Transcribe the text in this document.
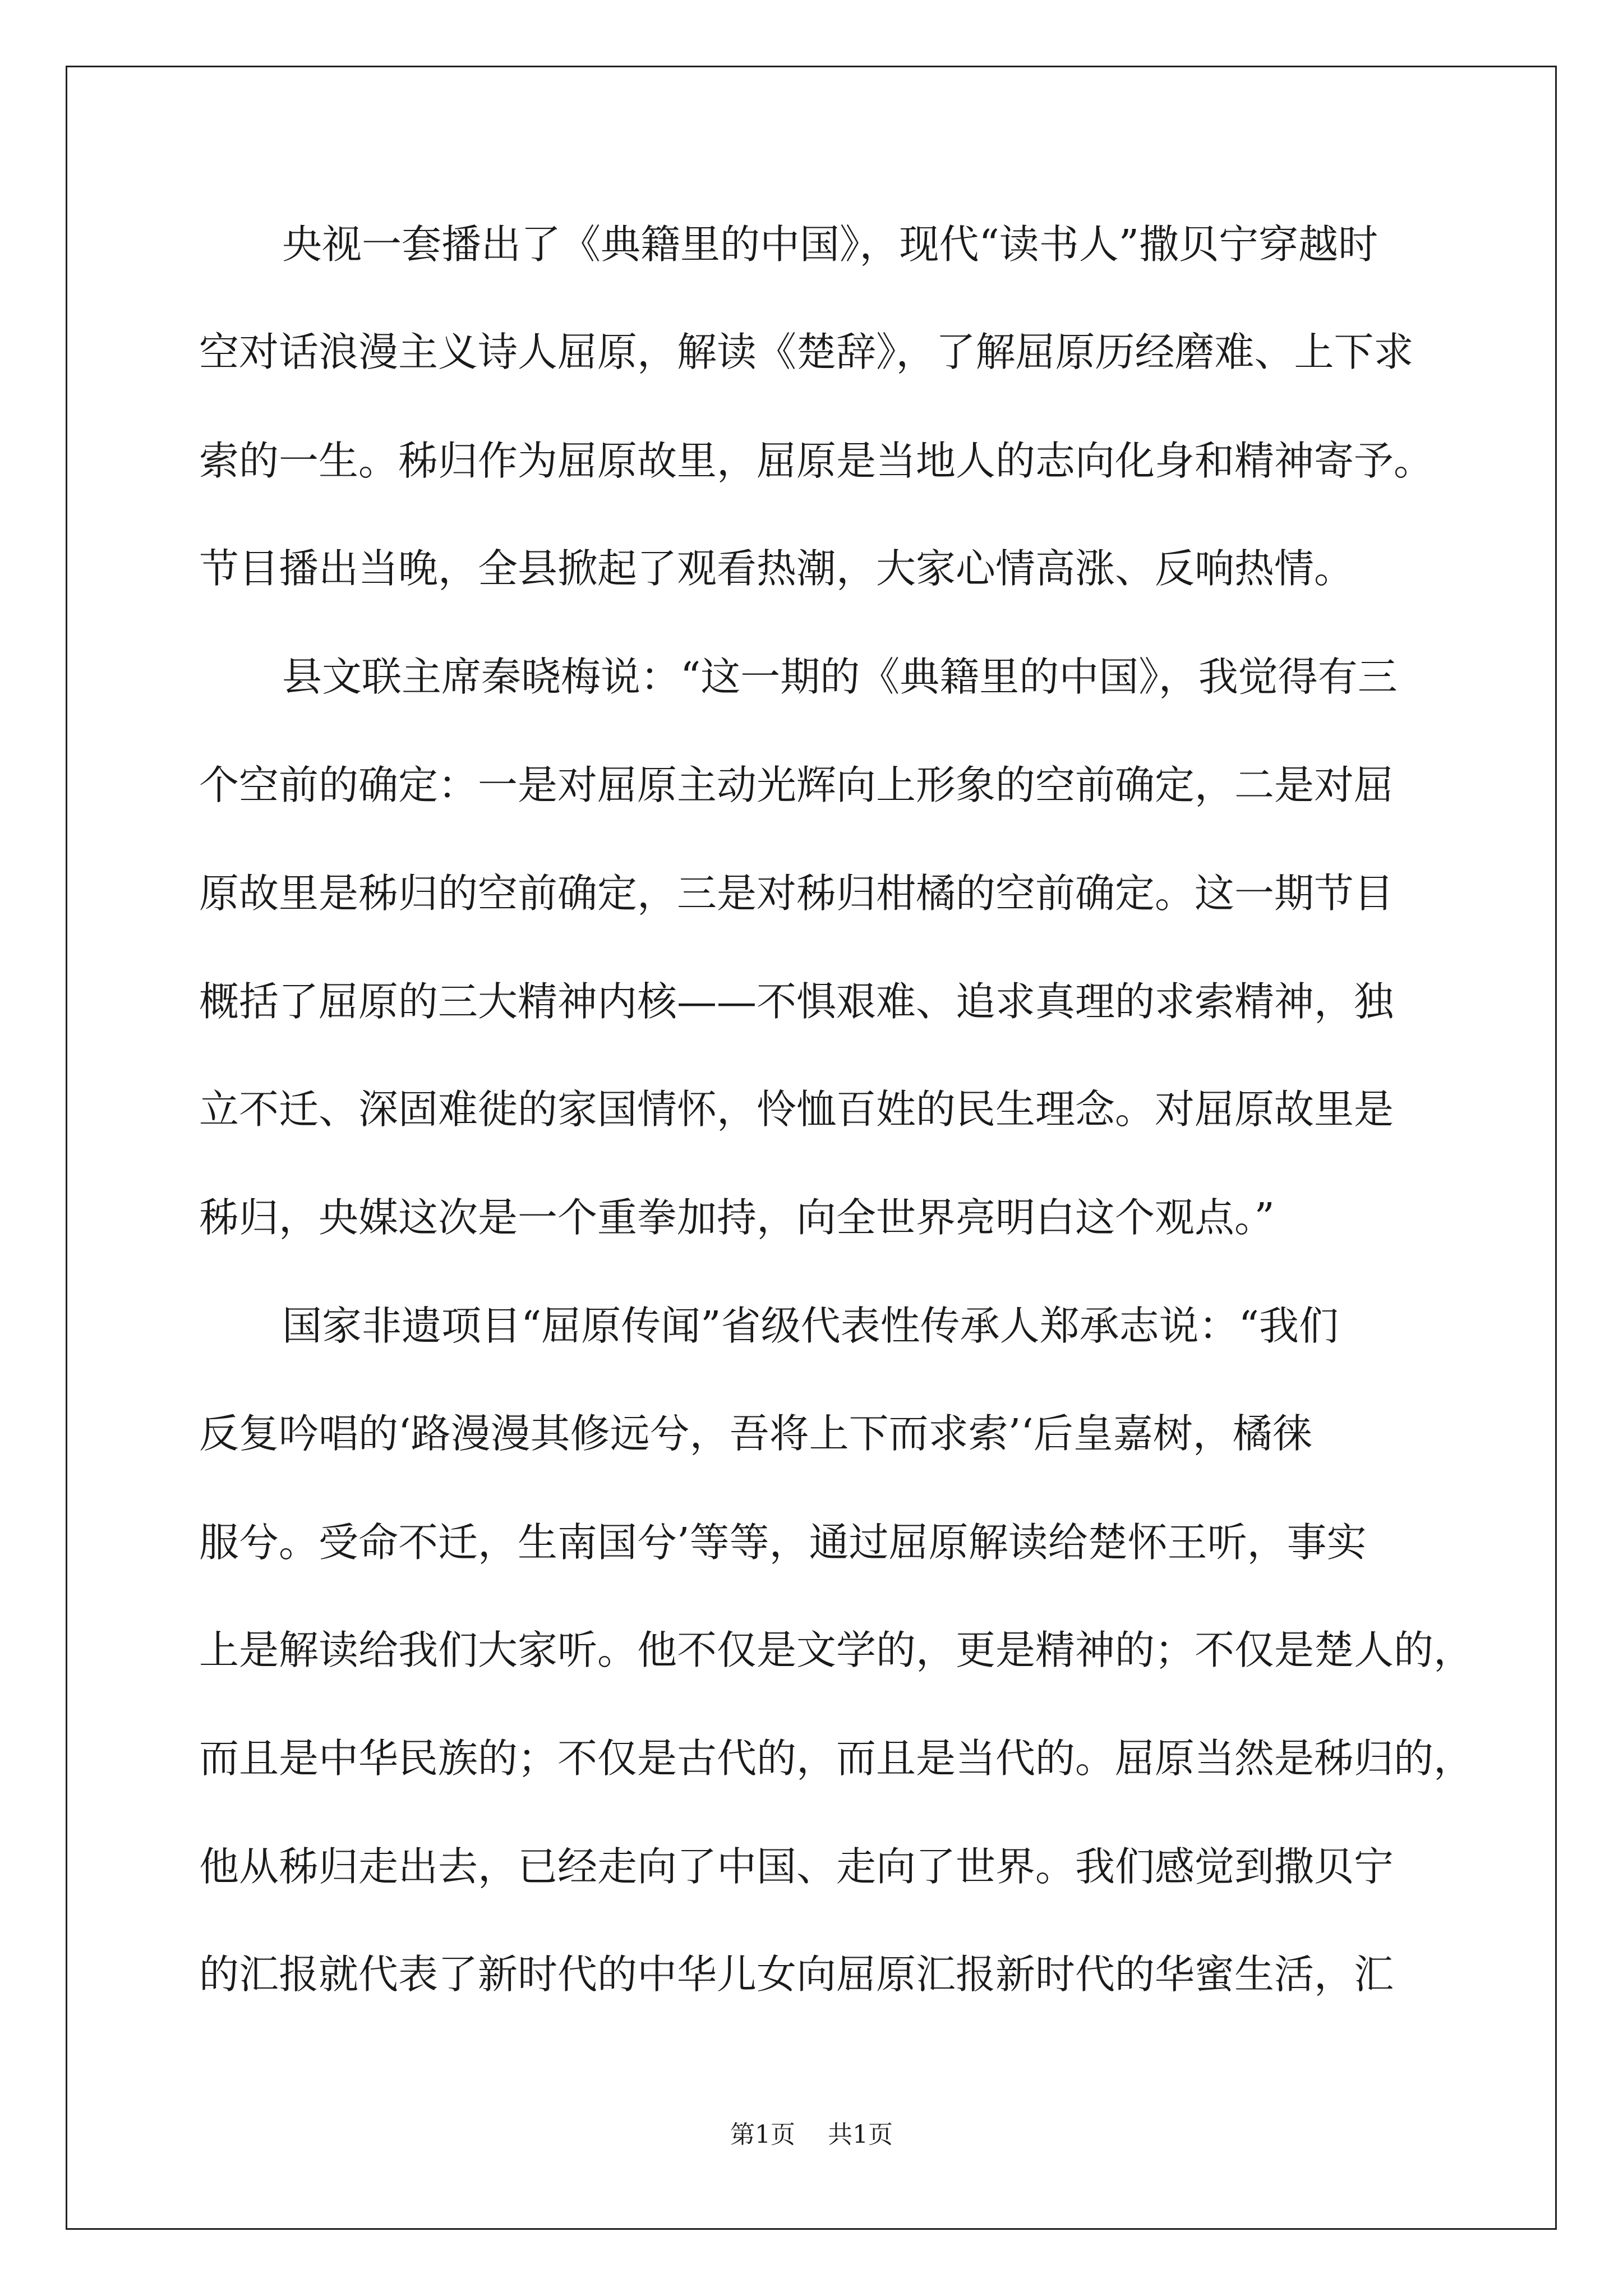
央视一套播出了《典籍里的中国》，现代“读书人”撒贝宁穿越时
空对话浪漫主义诗人屈原，解读《楚辞》，了解屈原历经磨难、上下求
索的一生。秭归作为屈原故里，屈原是当地人的志向化身和精神寄予。
节目播出当晚，全县掀起了观看热潮，大家心情高涨、反响热情。
县文联主席秦晓梅说：“这一期的《典籍里的中国》，我觉得有三
个空前的确定：一是对屈原主动光辉向上形象的空前确定，二是对屈
原故里是秭归的空前确定，三是对秭归柑橘的空前确定。这一期节目
概括了屈原的三大精神内核——不惧艰难、追求真理的求索精神，独
立不迁、深固难徙的家国情怀，怜恤百姓的民生理念。对屈原故里是
秭归，央媒这次是一个重拳加持，向全世界亮明白这个观点。”
国家非遗项目“屈原传闻”省级代表性传承人郑承志说：“我们
反复吟唱的‘路漫漫其修远兮，吾将上下而求索’‘后皇嘉树，橘徕
服兮。受命不迁，生南国兮’等等，通过屈原解读给楚怀王听，事实
上是解读给我们大家听。他不仅是文学的，更是精神的；不仅是楚人的，
而且是中华民族的；不仅是古代的，而且是当代的。屈原当然是秭归的，
他从秭归走出去，已经走向了中国、走向了世界。我们感觉到撒贝宁
的汇报就代表了新时代的中华儿女向屈原汇报新时代的华蜜生活，汇
第1页 共1页
